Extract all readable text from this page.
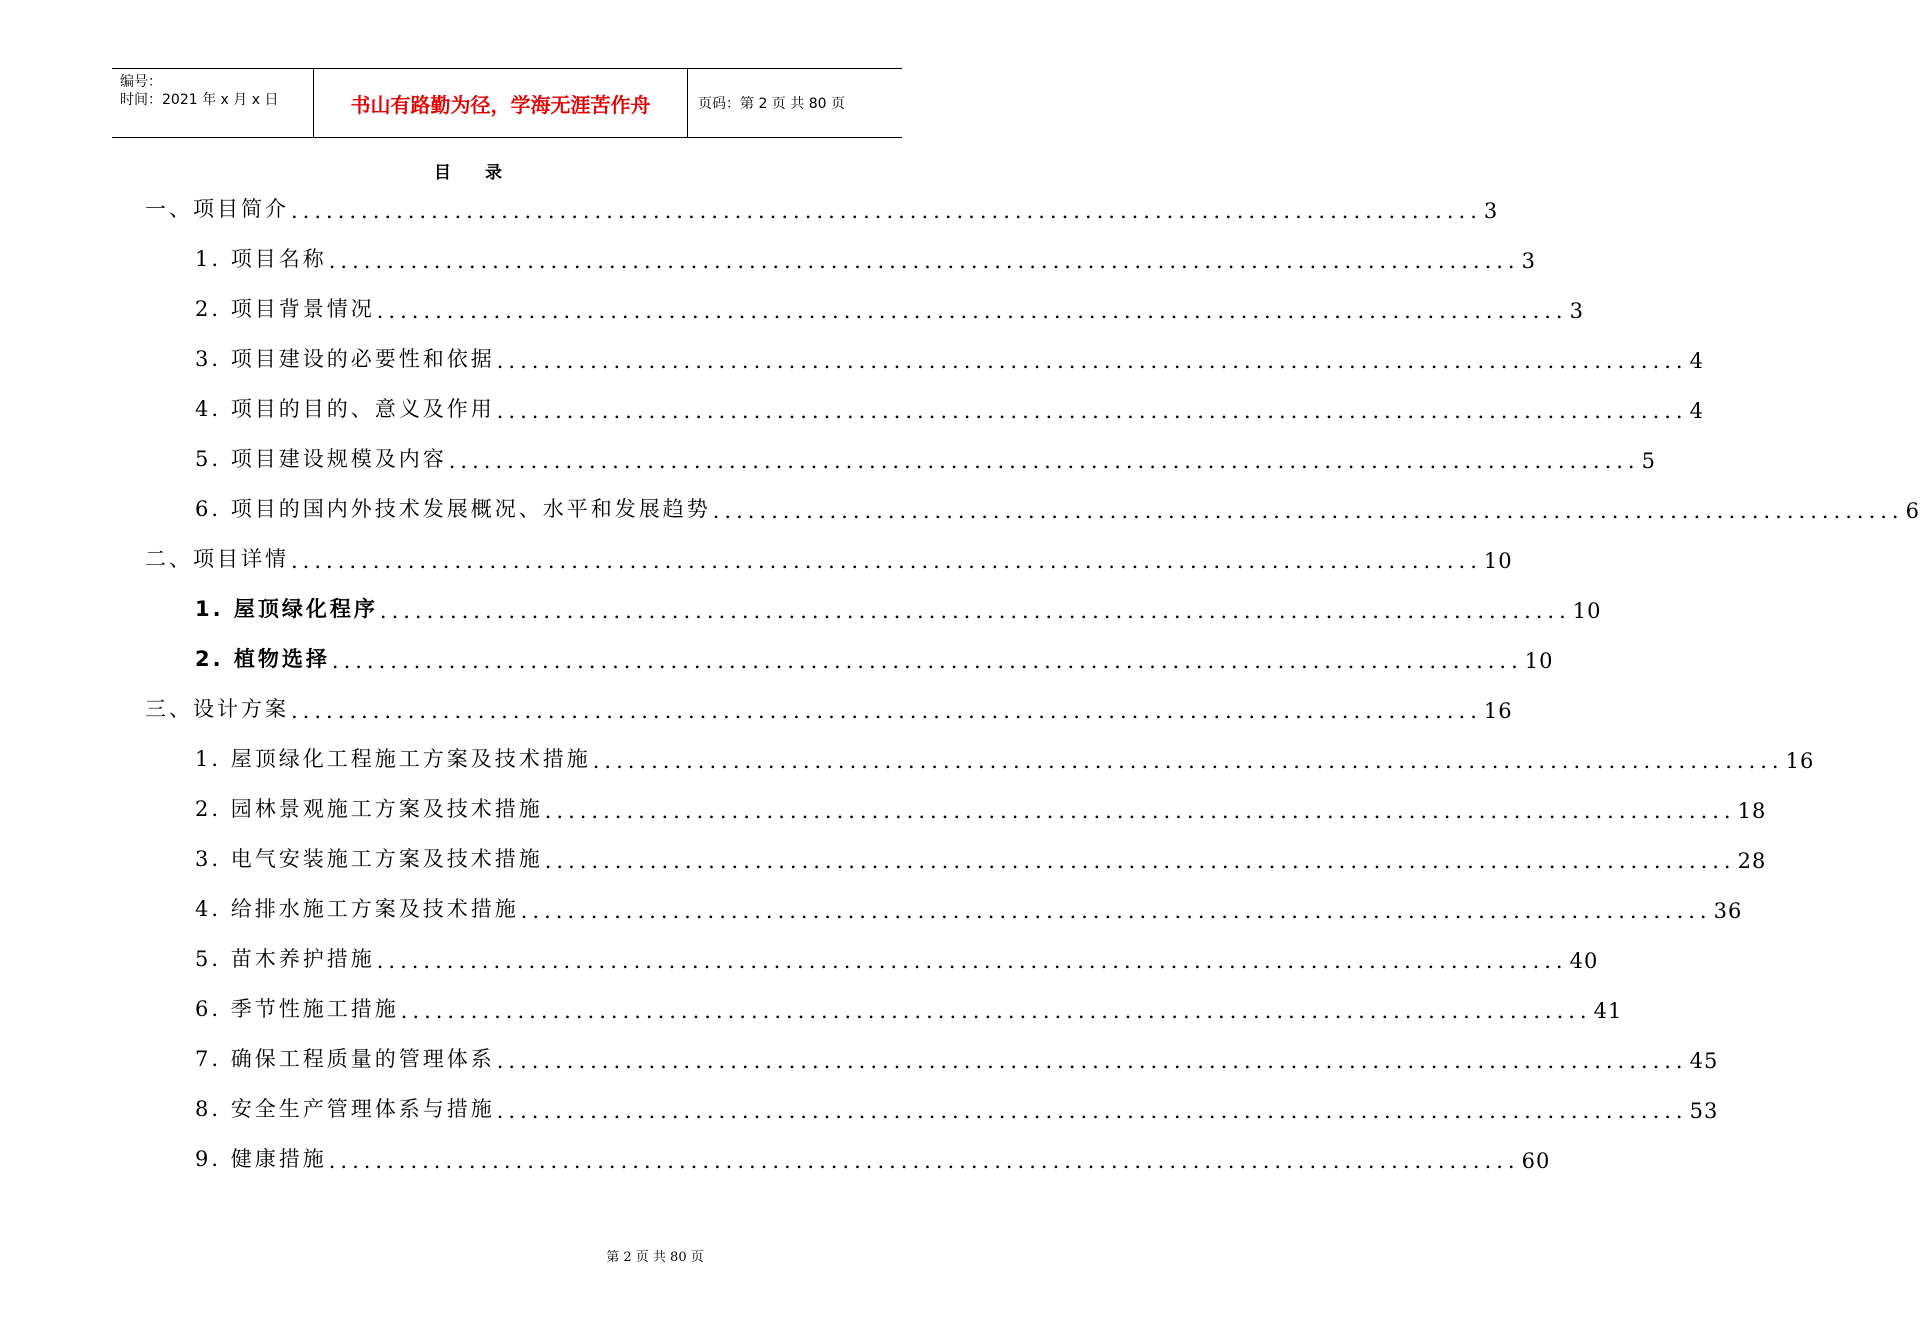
编号：
时间：2021 年 x 月 x 日	书山有路勤为径，学海无涯苦作舟	页码：第 2 页 共 80 页
目 录
一、项目简介 ...................................................................................................... 3
1. 项目名称 ...................................................................................................... 3
2. 项目背景情况 ...................................................................................................... 3
3. 项目建设的必要性和依据 ...................................................................................................... 4
4. 项目的目的、意义及作用 ...................................................................................................... 4
5. 项目建设规模及内容 ...................................................................................................... 5
6. 项目的国内外技术发展概况、水平和发展趋势 ...................................................................................................... 6
二、项目详情 ...................................................................................................... 10
1. 屋顶绿化程序 ...................................................................................................... 10
2. 植物选择 ...................................................................................................... 10
三、设计方案 ...................................................................................................... 16
1. 屋顶绿化工程施工方案及技术措施 ...................................................................................................... 16
2. 园林景观施工方案及技术措施 ...................................................................................................... 18
3. 电气安装施工方案及技术措施 ...................................................................................................... 28
4. 给排水施工方案及技术措施 ...................................................................................................... 36
5. 苗木养护措施 ...................................................................................................... 40
6. 季节性施工措施 ...................................................................................................... 41
7. 确保工程质量的管理体系 ...................................................................................................... 45
8. 安全生产管理体系与措施 ...................................................................................................... 53
9. 健康措施 ...................................................................................................... 60
第 2 页 共 80 页
